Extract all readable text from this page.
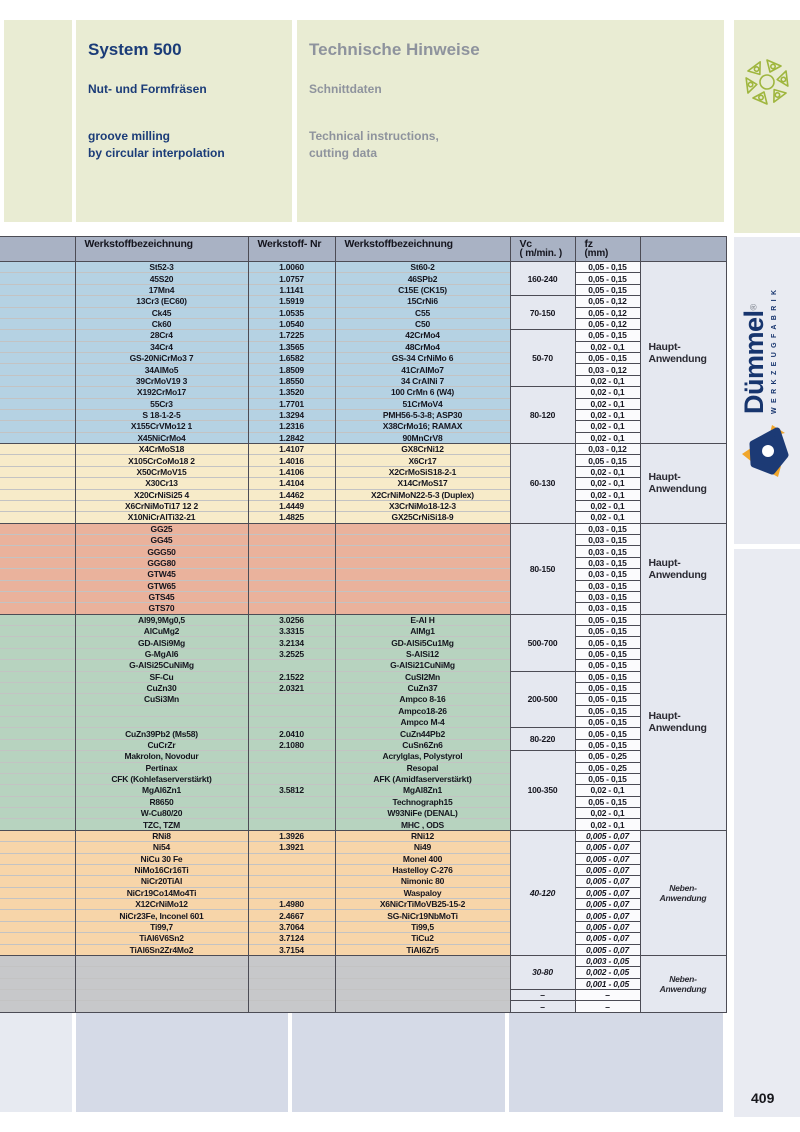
System 500
Nut- und Formfräsen
groove milling
by circular interpolation
Technische Hinweise
Schnittdaten
Technical instructions,
cutting data
Dümmel® WERKZEUGFABRIK
409
	Werkstoffbezeichnung	Werkstoff- Nr	Werkstoffbezeichnung	Vc
( m/min. )

fz
(mm)

	St52-3	1.0060	St60-2	160-240	0,05 - 0,15	Haupt-
Anwendung
	45S20	1.0757	46SPb2		0,05 - 0,15	
	17Mn4	1.1141	C15E (CK15)		0,05 - 0,15	
	13Cr3 (EC60)	1.5919	15CrNi6	70-150	0,05 - 0,12	
	Ck45	1.0535	C55		0,05 - 0,12	
	Ck60	1.0540	C50		0,05 - 0,12	
	28Cr4	1.7225	42CrMo4	50-70	0,05 - 0,15	
	34Cr4	1.3565	48CrMo4		0,02 - 0,1	
	GS-20NiCrMo3 7	1.6582	GS-34 CrNiMo 6		0,05 - 0,15	
	34AlMo5	1.8509	41CrAlMo7		0,03 - 0,12	
	39CrMoV19 3	1.8550	34 CrAlNi 7		0,02 - 0,1	
	X192CrMo17	1.3520	100 CrMn 6 (W4)	80-120	0,02 - 0,1	
	55Cr3	1.7701	51CrMoV4		0,02 - 0,1	
	S 18-1-2-5	1.3294	PMH56-5-3-8; ASP30		0,02 - 0,1	
	X155CrVMo12 1	1.2316	X38CrMo16; RAMAX		0,02 - 0,1	
	X45NiCrMo4	1.2842	90MnCrV8		0,02 - 0,1	
	X4CrMoS18	1.4107	GX8CrNi12	60-130	0,03 - 0,12	Haupt-
Anwendung
	X105CrCoMo18 2	1.4016	X6Cr17		0,05 - 0,15	
	X50CrMoV15	1.4106	X2CrMoSiS18-2-1		0,02 - 0,1	
	X30Cr13	1.4104	X14CrMoS17		0,02 - 0,1	
	X20CrNiSi25 4	1.4462	X2CrNiMoN22-5-3 (Duplex)		0,02 - 0,1	
	X6CrNiMoTi17 12 2	1.4449	X3CrNiMo18-12-3		0,02 - 0,1	
	X10NiCrAlTi32-21	1.4825	GX25CrNiSi18-9		0,02 - 0,1	
	GG25			80-150	0,03 - 0,15	Haupt-
Anwendung
	GG45				0,03 - 0,15	
	GGG50				0,03 - 0,15	
	GGG80				0,03 - 0,15	
	GTW45				0,03 - 0,15	
	GTW65				0,03 - 0,15	
	GTS45				0,03 - 0,15	
	GTS70				0,03 - 0,15	
	Al99,9Mg0,5	3.0256	E-Al H	500-700	0,05 - 0,15	Haupt-
Anwendung
	AlCuMg2	3.3315	AlMg1		0,05 - 0,15	
	GD-AlSi9Mg	3.2134	GD-AlSi5Cu1Mg		0,05 - 0,15	
	G-MgAl6	3.2525	S-AlSi12		0,05 - 0,15	
	G-AlSi25CuNiMg		G-AlSi21CuNiMg		0,05 - 0,15	
	SF-Cu	2.1522	CuSI2Mn	200-500	0,05 - 0,15	
	CuZn30	2.0321	CuZn37		0,05 - 0,15	
	CuSi3Mn		Ampco 8-16		0,05 - 0,15	
			Ampco18-26		0,05 - 0,15	
			Ampco M-4		0,05 - 0,15	
	CuZn39Pb2 (Ms58)	2.0410	CuZn44Pb2	80-220	0,05 - 0,15	
	CuCrZr	2.1080	CuSn6Zn6		0,05 - 0,15	
	Makrolon, Novodur		Acrylglas, Polystyrol	100-350	0,05 - 0,25	
	Pertinax		Resopal		0,05 - 0,25	
	CFK (Kohlefaserverstärkt)		AFK (Amidfaserverstärkt)		0,05 - 0,15	
	MgAl6Zn1	3.5812	MgAl8Zn1		0,02 - 0,1	
	R8650		Technograph15		0,05 - 0,15	
	W-Cu80/20		W93NiFe (DENAL)		0,02 - 0,1	
	TZC, TZM		MHC , ODS		0,02 - 0,1	
	RNi8	1.3926	RNi12	40-120	0,005 - 0,07	Neben-
Anwendung
	Ni54	1.3921	Ni49		0,005 - 0,07	
	NiCu 30 Fe		Monel 400		0,005 - 0,07	
	NiMo16Cr16Ti		Hastelloy C-276		0,005 - 0,07	
	NiCr20TiAl		Nimonic 80		0,005 - 0,07	
	NiCr19Co14Mo4Ti		Waspaloy		0,005 - 0,07	
	X12CrNiMo12	1.4980	X6NiCrTiMoVB25-15-2		0,005 - 0,07	
	NiCr23Fe, Inconel 601	2.4667	SG-NiCr19NbMoTi		0,005 - 0,07	
	Ti99,7	3.7064	Ti99,5		0,005 - 0,07	
	TiAl6V6Sn2	3.7124	TiCu2		0,005 - 0,07	
	TiAl6Sn2Zr4Mo2	3.7154	TiAl6Zr5		0,005 - 0,07	
				30-80	0,003 - 0,05	Neben-
Anwendung
					0,002 - 0,05	
					0,001 - 0,05	
				–	–	
				–	–	
